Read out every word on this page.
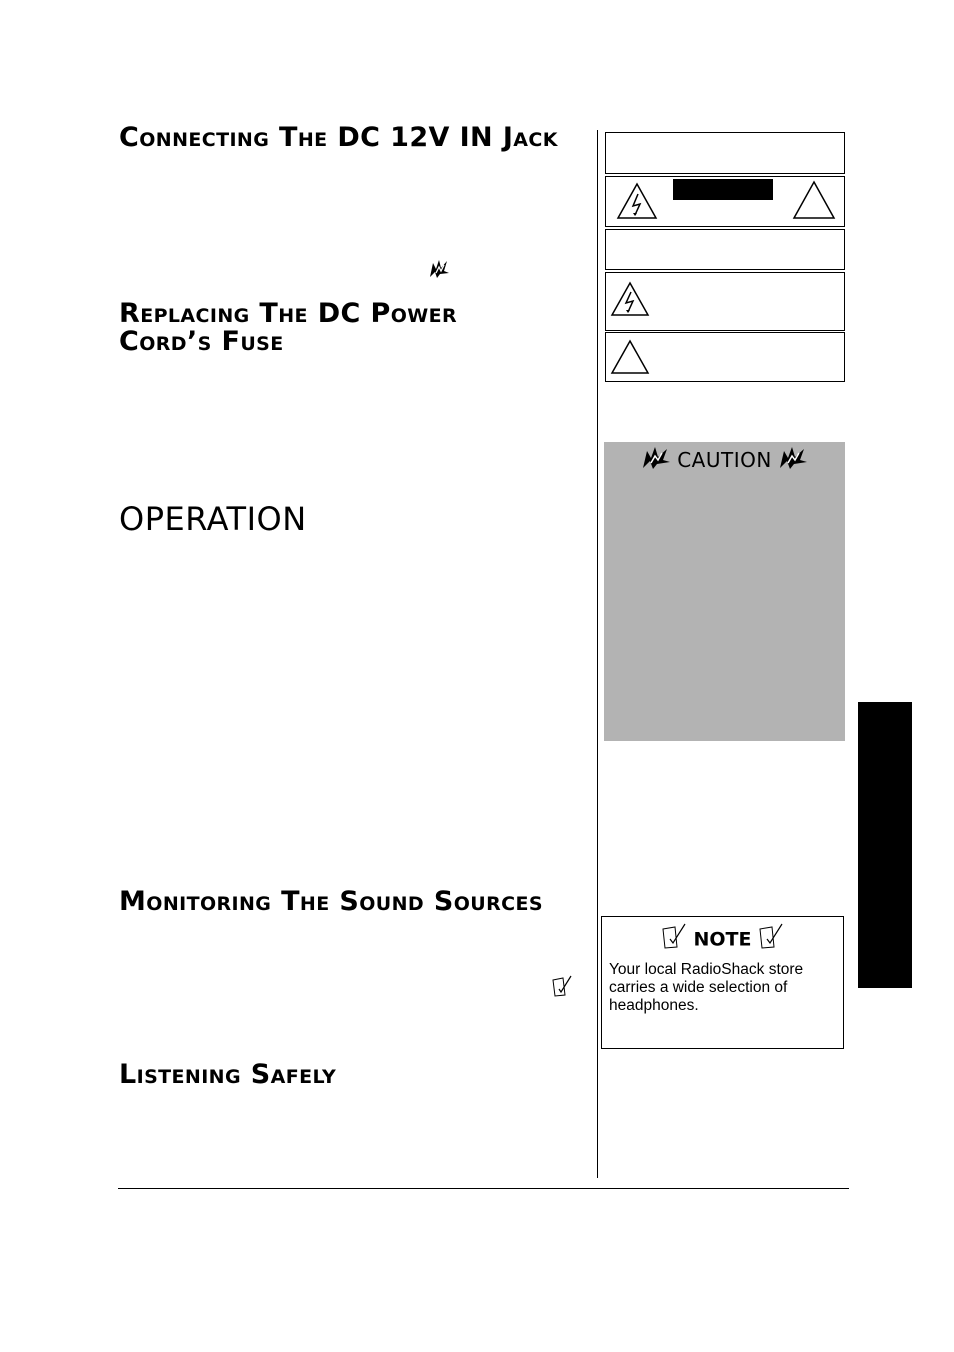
Connecting The DC 12V IN Jack
Replacing The DC Power
Cord’s Fuse
OPERATION
Monitoring The Sound Sources
Listening Safely
CAUTION
NOTE
Your local RadioShack store carries a wide selection of headphones.
